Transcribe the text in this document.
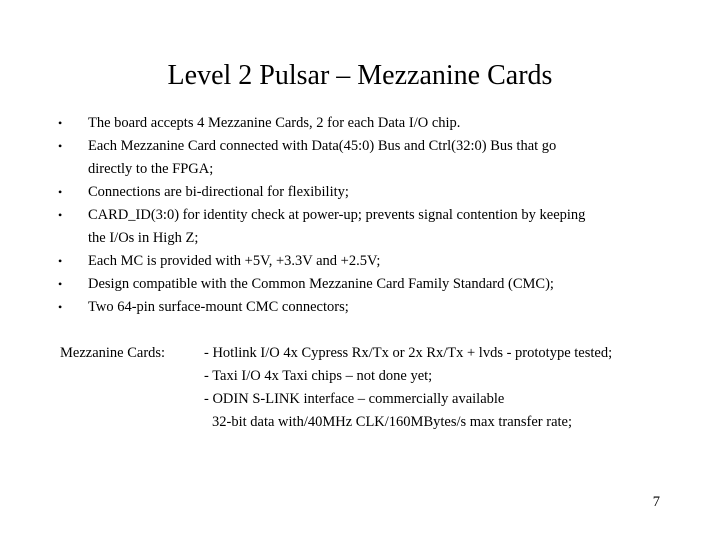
Level 2 Pulsar – Mezzanine Cards
• The board accepts 4 Mezzanine Cards, 2 for each Data I/O chip.
• Each Mezzanine Card connected with Data(45:0) Bus and Ctrl(32:0) Bus that go directly to the FPGA;
• Connections are bi-directional for flexibility;
• CARD_ID(3:0) for identity check at power-up; prevents signal contention by keeping the I/Os in High Z;
• Each MC is provided with +5V, +3.3V and +2.5V;
• Design compatible with the Common Mezzanine Card Family Standard (CMC);
• Two 64-pin surface-mount CMC connectors;
Mezzanine Cards:	- Hotlink I/O 4x Cypress Rx/Tx or 2x Rx/Tx + lvds - prototype tested;
- Taxi I/O 4x Taxi chips – not done yet;
- ODIN S-LINK interface – commercially available
32-bit data with/40MHz CLK/160MBytes/s max transfer rate;
7
